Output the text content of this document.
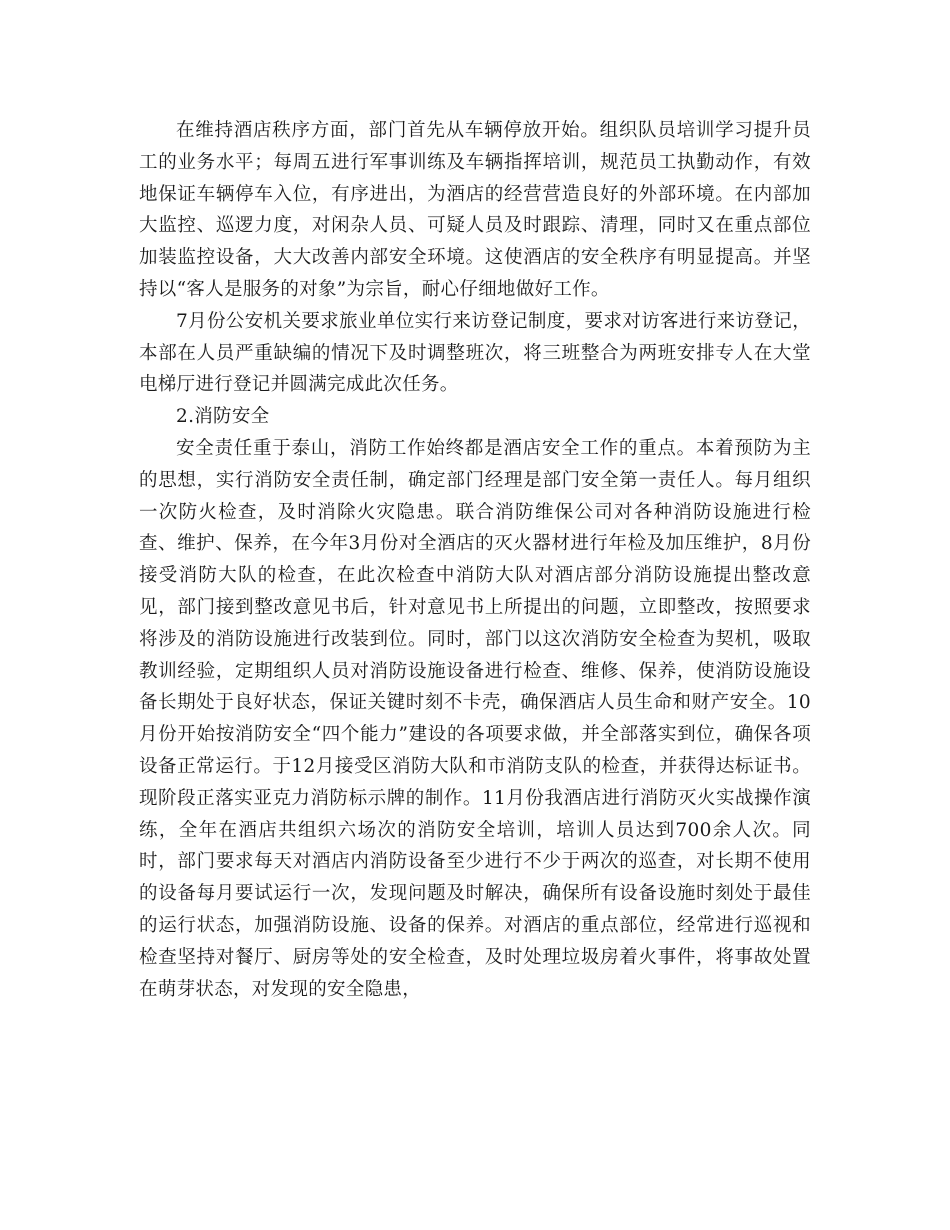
在维持酒店秩序方面，部门首先从车辆停放开始。组织队员培训学习提升员工的业务水平；每周五进行军事训练及车辆指挥培训，规范员工执勤动作，有效地保证车辆停车入位，有序进出，为酒店的经营营造良好的外部环境。在内部加大监控、巡逻力度，对闲杂人员、可疑人员及时跟踪、清理，同时又在重点部位加装监控设备，大大改善内部安全环境。这使酒店的安全秩序有明显提高。并坚持以“客人是服务的对象”为宗旨，耐心仔细地做好工作。

7月份公安机关要求旅业单位实行来访登记制度，要求对访客进行来访登记，本部在人员严重缺编的情况下及时调整班次，将三班整合为两班安排专人在大堂电梯厅进行登记并圆满完成此次任务。

2.消防安全

安全责任重于泰山，消防工作始终都是酒店安全工作的重点。本着预防为主的思想，实行消防安全责任制，确定部门经理是部门安全第一责任人。每月组织一次防火检查，及时消除火灾隐患。联合消防维保公司对各种消防设施进行检查、维护、保养，在今年3月份对全酒店的灭火器材进行年检及加压维护，8月份接受消防大队的检查，在此次检查中消防大队对酒店部分消防设施提出整改意见，部门接到整改意见书后，针对意见书上所提出的问题，立即整改，按照要求将涉及的消防设施进行改装到位。同时，部门以这次消防安全检查为契机，吸取教训经验，定期组织人员对消防设施设备进行检查、维修、保养，使消防设施设备长期处于良好状态，保证关键时刻不卡壳，确保酒店人员生命和财产安全。10月份开始按消防安全“四个能力”建设的各项要求做，并全部落实到位，确保各项设备正常运行。于12月接受区消防大队和市消防支队的检查，并获得达标证书。现阶段正落实亚克力消防标示牌的制作。11月份我酒店进行消防灭火实战操作演练，全年在酒店共组织六场次的消防安全培训，培训人员达到700余人次。同时，部门要求每天对酒店内消防设备至少进行不少于两次的巡查，对长期不使用的设备每月要试运行一次，发现问题及时解决，确保所有设备设施时刻处于最佳的运行状态，加强消防设施、设备的保养。对酒店的重点部位，经常进行巡视和检查坚持对餐厅、厨房等处的安全检查，及时处理垃圾房着火事件，将事故处置在萌芽状态，对发现的安全隐患，
